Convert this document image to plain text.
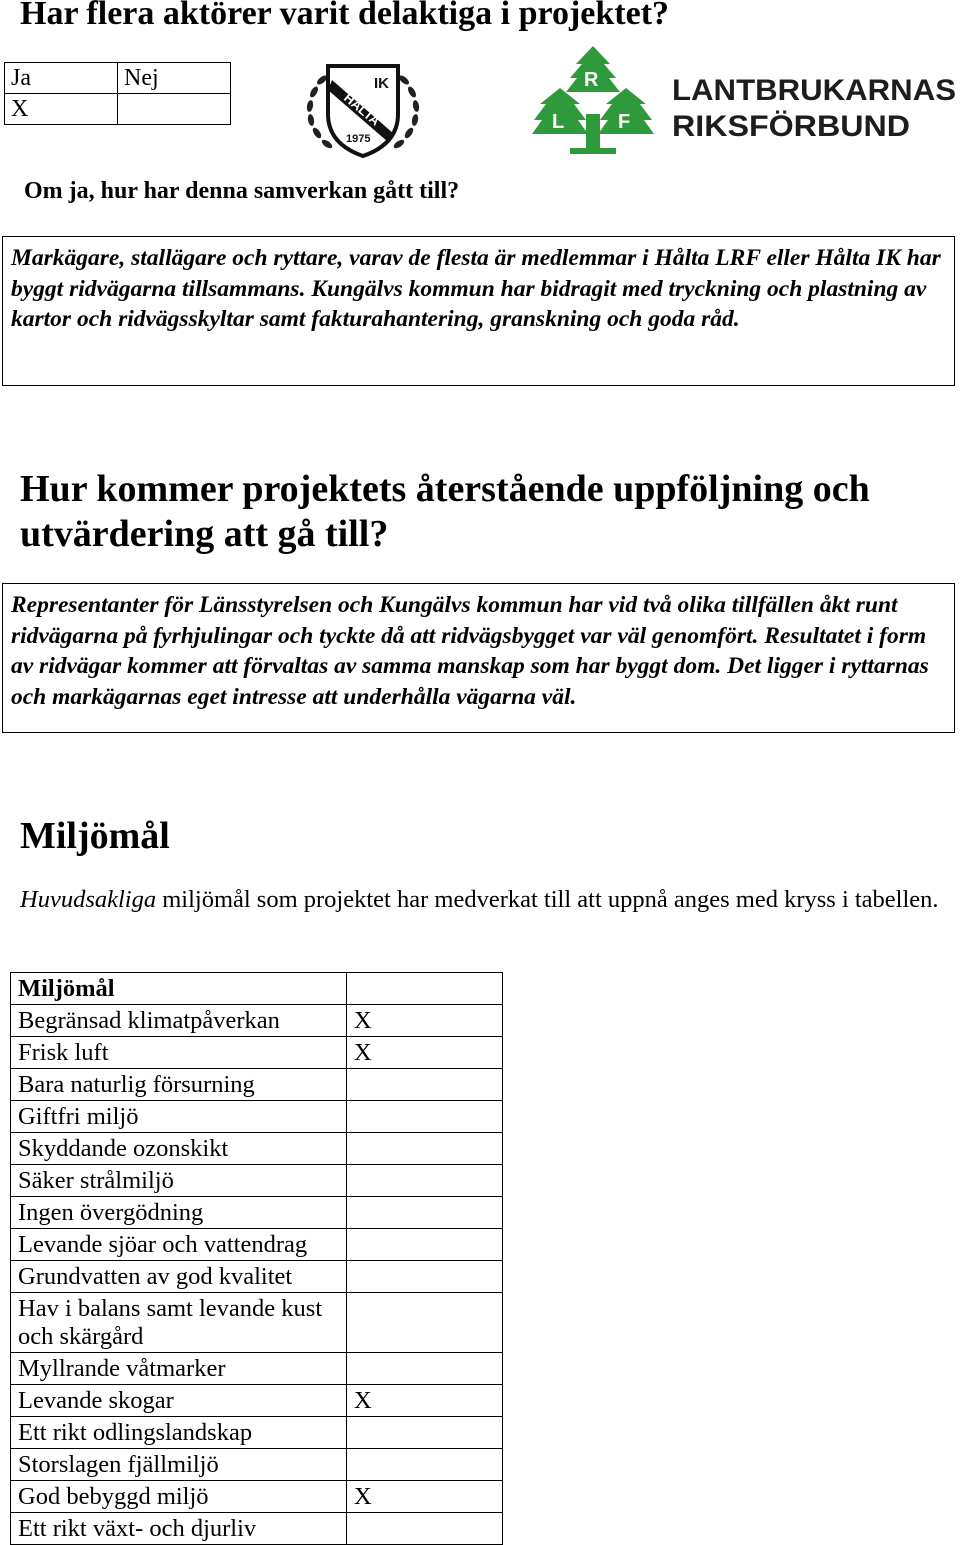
Har flera aktörer varit delaktiga i projektet?
Ja	Nej
X		HÅLTA
IK
1975
R
L	F
LANTBRUKARNAS
RIKSFÖRBUND
Om ja, hur har denna samverkan gått till?
Markägare, stallägare och ryttare, varav de flesta är medlemmar i Hålta LRF eller Hålta IK har byggt ridvägarna tillsammans. Kungälvs kommun har bidragit med tryckning och plastning av kartor och ridvägsskyltar samt fakturahantering, granskning och goda råd.
Hur kommer projektets återstående uppföljning och utvärdering att gå till?
Representanter för Länsstyrelsen och Kungälvs kommun har vid två olika tillfällen åkt runt ridvägarna på fyrhjulingar och tyckte då att ridvägsbygget var väl genomfört. Resultatet i form av ridvägar kommer att förvaltas av samma manskap som har byggt dom. Det ligger i ryttarnas och markägarnas eget intresse att underhålla vägarna väl.
Miljömål
Huvudsakliga miljömål som projektet har medverkat till att uppnå anges med kryss i tabellen.
Miljömål	
Begränsad klimatpåverkan	X
Frisk luft	X
Bara naturlig försurning	
Giftfri miljö	
Skyddande ozonskikt	
Säker strålmiljö	
Ingen övergödning	
Levande sjöar och vattendrag	
Grundvatten av god kvalitet	
Hav i balans samt levande kust och skärgård	
Myllrande våtmarker	
Levande skogar	X
Ett rikt odlingslandskap	
Storslagen fjällmiljö	
God bebyggd miljö	X
Ett rikt växt- och djurliv	
